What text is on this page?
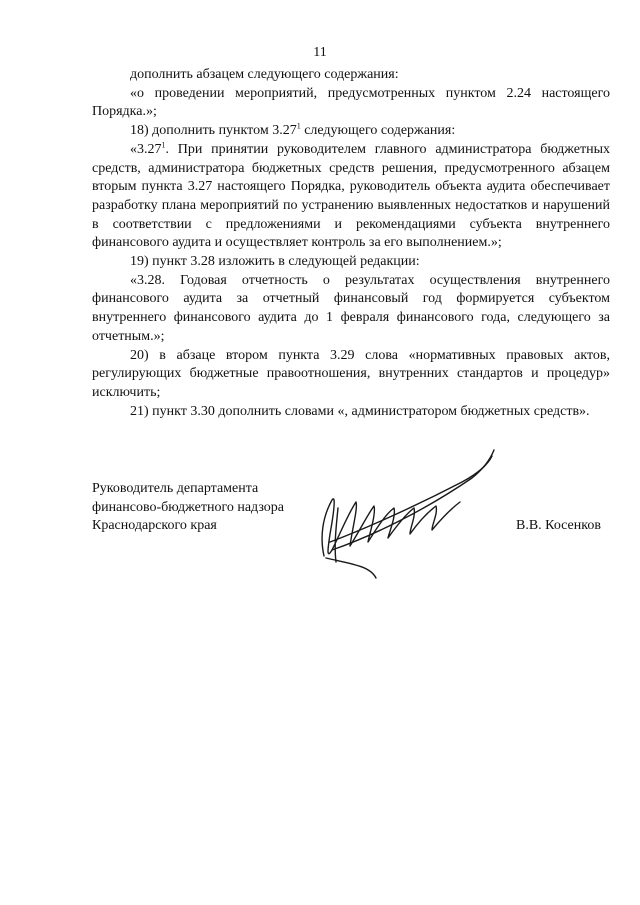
11

дополнить абзацем следующего содержания:

«о проведении мероприятий, предусмотренных пунктом 2.24 настоящего Порядка.»;

18) дополнить пунктом 3.27$^1$ следующего содержания:

«3.27$^1$. При принятии руководителем главного администратора бюджетных средств, администратора бюджетных средств решения, предусмотренного абзацем вторым пункта 3.27 настоящего Порядка, руководитель объекта аудита обеспечивает разработку плана мероприятий по устранению выявленных недостатков и нарушений в соответствии с предложениями и рекомендациями субъекта внутреннего финансового аудита и осуществляет контроль за его выполнением.»;

19) пункт 3.28 изложить в следующей редакции:

«3.28. Годовая отчетность о результатах осуществления внутреннего финансового аудита за отчетный финансовый год формируется субъектом внутреннего финансового аудита до 1 февраля финансового года, следующего за отчетным.»;

20) в абзаце втором пункта 3.29 слова «нормативных правовых актов, регулирующих бюджетные правоотношения, внутренних стандартов и процедур» исключить;

21) пункт 3.30 дополнить словами «, администратором бюджетных средств».

Руководитель департамента
финансово-бюджетного надзора
Краснодарского края	В.В. Косенков
